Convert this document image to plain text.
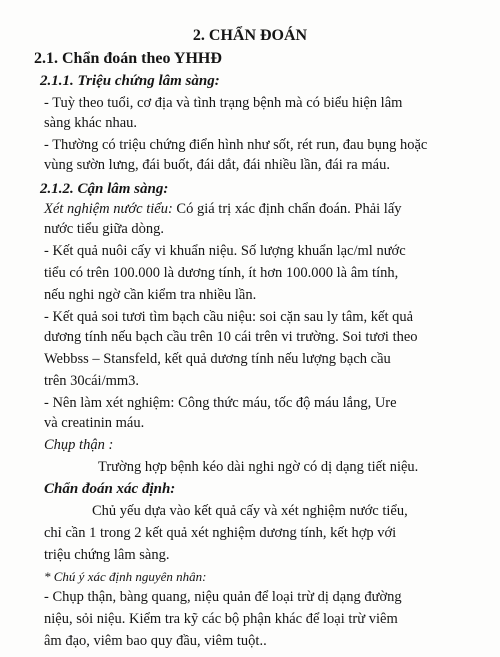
2. CHẨN ĐOÁN
2.1. Chẩn đoán theo YHHĐ
2.1.1. Triệu chứng lâm sàng:
- Tuỳ theo tuổi, cơ địa và tình trạng bệnh mà có biểu hiện lâm
sàng khác nhau.
- Thường có triệu chứng điển hình như sốt, rét run, đau bụng hoặc
vùng sườn lưng, đái buốt, đái dắt, đái nhiều lần, đái ra máu.
2.1.2. Cận lâm sàng:
Xét nghiệm nước tiểu: Có giá trị xác định chẩn đoán. Phải lấy
nước tiểu giữa dòng.
- Kết quả nuôi cấy vi khuẩn niệu. Số lượng khuẩn lạc/ml nước
tiểu có trên 100.000 là dương tính, ít hơn 100.000 là âm tính,
nếu nghi ngờ cần kiểm tra nhiều lần.
- Kết quả soi tươi tìm bạch cầu niệu: soi cặn sau ly tâm, kết quả
dương tính nếu bạch cầu trên 10 cái trên vi trường. Soi tươi theo
Webbss – Stansfeld, kết quả dương tính nếu lượng bạch cầu
trên 30cái/mm3.
- Nên làm xét nghiệm: Công thức máu, tốc độ máu lắng, Ure
và creatinin máu.
Chụp thận :
Trường hợp bệnh kéo dài nghi ngờ có dị dạng tiết niệu.
Chẩn đoán xác định:
Chủ yếu dựa vào kết quả cấy và xét nghiệm nước tiểu,
chỉ cần 1 trong 2 kết quả xét nghiệm dương tính, kết hợp với
triệu chứng lâm sàng.
* Chú ý xác định nguyên nhân:
- Chụp thận, bàng quang, niệu quản để loại trừ dị dạng đường
niệu, sỏi niệu. Kiểm tra kỹ các bộ phận khác để loại trừ viêm
âm đạo, viêm bao quy đầu, viêm tuột..
